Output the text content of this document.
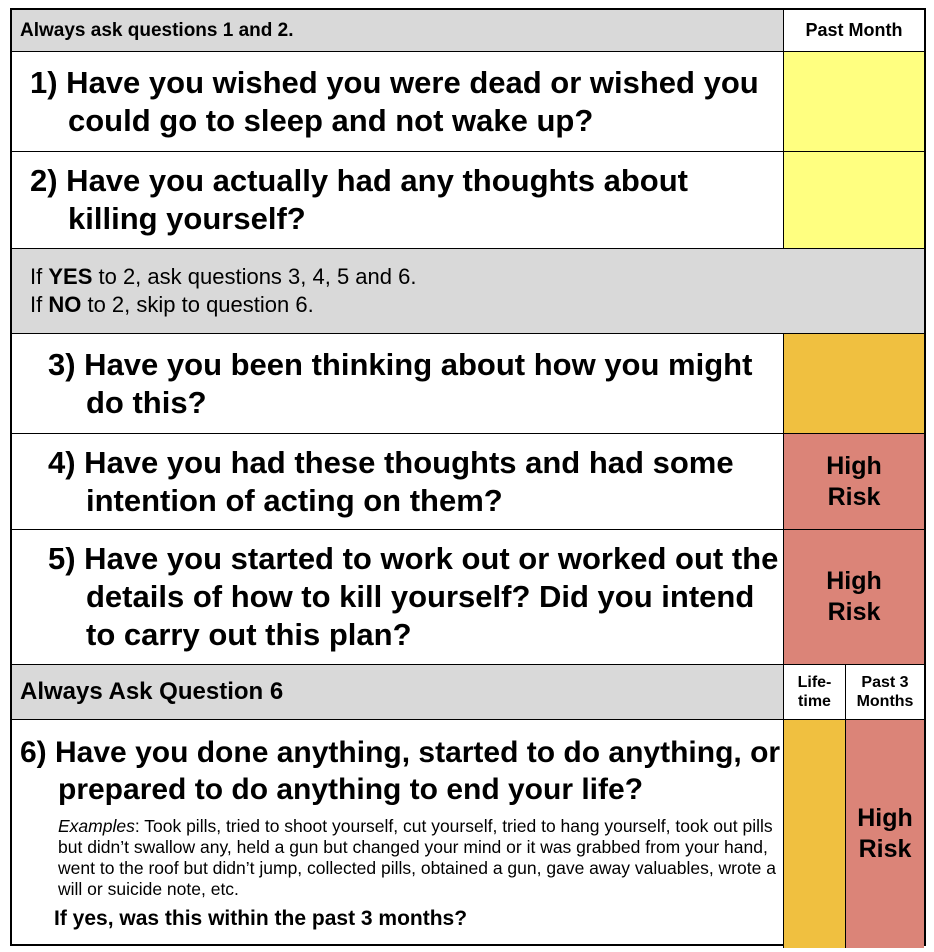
Always ask questions 1 and 2.	Past Month
1) Have you wished you were dead or wished you could go to sleep and not wake up?
2) Have you actually had any thoughts about killing yourself?
If YES to 2, ask questions 3, 4, 5 and 6.
If NO to 2, skip to question 6.
3) Have you been thinking about how you might do this?
4) Have you had these thoughts and had some intention of acting on them?
High
Risk
5) Have you started to work out or worked out the details of how to kill yourself? Did you intend to carry out this plan?
High
Risk
Always Ask Question 6	Life-
time
Past 3
Months
6) Have you done anything, started to do anything, or prepared to do anything to end your life?
Examples: Took pills, tried to shoot yourself, cut yourself, tried to hang yourself, took out pills but didn’t swallow any, held a gun but changed your mind or it was grabbed from your hand, went to the roof but didn’t jump, collected pills, obtained a gun, gave away valuables, wrote a will or suicide note, etc.
If yes, was this within the past 3 months?
High
Risk
